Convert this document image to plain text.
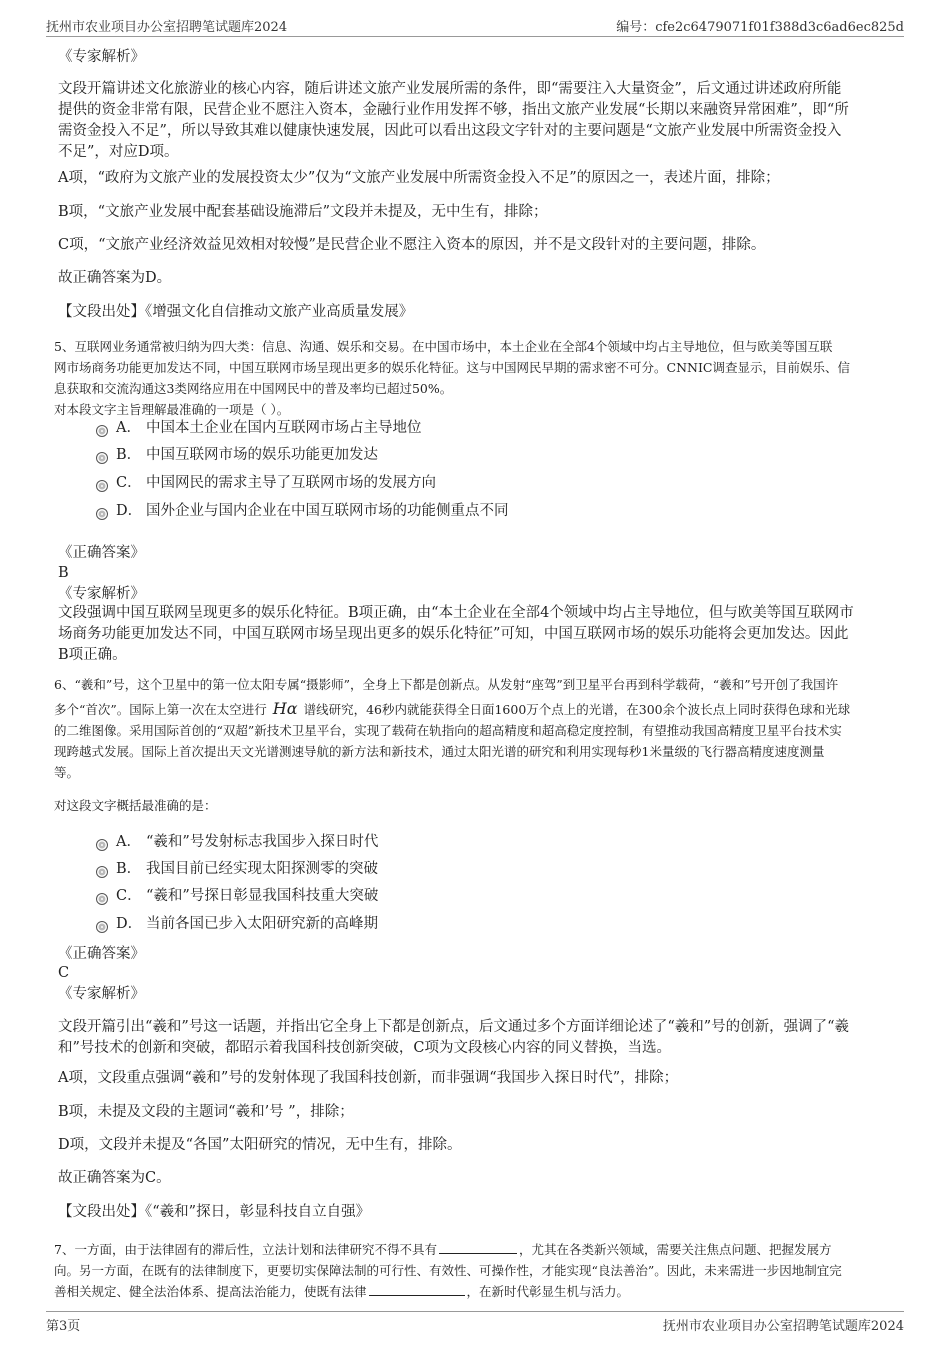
抚州市农业项目办公室招聘笔试题库2024	编号：cfe2c6479071f01f388d3c6ad6ec825d
《专家解析》
文段开篇讲述文化旅游业的核心内容，随后讲述文旅产业发展所需的条件，即“需要注入大量资金”，后文通过讲述政府所能
提供的资金非常有限，民营企业不愿注入资本，金融行业作用发挥不够，指出文旅产业发展“长期以来融资异常困难”，即“所
需资金投入不足”，所以导致其难以健康快速发展，因此可以看出这段文字针对的主要问题是“文旅产业发展中所需资金投入
不足”，对应D项。
A项，“政府为文旅产业的发展投资太少”仅为“文旅产业发展中所需资金投入不足”的原因之一，表述片面，排除；
B项，“文旅产业发展中配套基础设施滞后”文段并未提及，无中生有，排除；
C项，“文旅产业经济效益见效相对较慢”是民营企业不愿注入资本的原因，并不是文段针对的主要问题，排除。
故正确答案为D。
【文段出处】《增强文化自信推动文旅产业高质量发展》
5、互联网业务通常被归纳为四大类：信息、沟通、娱乐和交易。在中国市场中，本土企业在全部4个领域中均占主导地位，但与欧美等国互联
网市场商务功能更加发达不同，中国互联网市场呈现出更多的娱乐化特征。这与中国网民早期的需求密不可分。CNNIC调查显示，目前娱乐、信
息获取和交流沟通这3类网络应用在中国网民中的普及率均已超过50%。
对本段文字主旨理解最准确的一项是（ ）。
A． 中国本土企业在国内互联网市场占主导地位
B． 中国互联网市场的娱乐功能更加发达
C． 中国网民的需求主导了互联网市场的发展方向
D． 国外企业与国内企业在中国互联网市场的功能侧重点不同
《正确答案》
B
《专家解析》
文段强调中国互联网呈现更多的娱乐化特征。B项正确，由“本土企业在全部4个领域中均占主导地位，但与欧美等国互联网市
场商务功能更加发达不同，中国互联网市场呈现出更多的娱乐化特征”可知，中国互联网市场的娱乐功能将会更加发达。因此
B项正确。
6、“羲和”号，这个卫星中的第一位太阳专属“摄影师”，全身上下都是创新点。从发射“座驾”到卫星平台再到科学载荷，“羲和”号开创了我国许
多个“首次”。国际上第一次在太空进行 Hα 谱线研究，46秒内就能获得全日面1600万个点上的光谱，在300余个波长点上同时获得色球和光球
的二维图像。采用国际首创的“双超”新技术卫星平台，实现了载荷在轨指向的超高精度和超高稳定度控制，有望推动我国高精度卫星平台技术实
现跨越式发展。国际上首次提出天文光谱测速导航的新方法和新技术，通过太阳光谱的研究和利用实现每秒1米量级的飞行器高精度速度测量
等。
对这段文字概括最准确的是：
A． “羲和”号发射标志我国步入探日时代
B． 我国目前已经实现太阳探测零的突破
C． “羲和”号探日彰显我国科技重大突破
D． 当前各国已步入太阳研究新的高峰期
《正确答案》
C
《专家解析》
文段开篇引出“羲和”号这一话题，并指出它全身上下都是创新点，后文通过多个方面详细论述了“羲和”号的创新，强调了“羲
和”号技术的创新和突破，都昭示着我国科技创新突破，C项为文段核心内容的同义替换，当选。
A项，文段重点强调“羲和”号的发射体现了我国科技创新，而非强调“我国步入探日时代”，排除；
B项，未提及文段的主题词“羲和’号 ”，排除；
D项，文段并未提及“各国”太阳研究的情况，无中生有，排除。
故正确答案为C。
【文段出处】《“羲和”探日，彰显科技自立自强》
7、一方面，由于法律固有的滞后性，立法计划和法律研究不得不具有	，尤其在各类新兴领域，需要关注焦点问题、把握发展方
向。另一方面，在既有的法律制度下，更要切实保障法制的可行性、有效性、可操作性，才能实现“良法善治”。因此，未来需进一步因地制宜完
善相关规定、健全法治体系、提高法治能力，使既有法律	，在新时代彰显生机与活力。
第3页	抚州市农业项目办公室招聘笔试题库2024
